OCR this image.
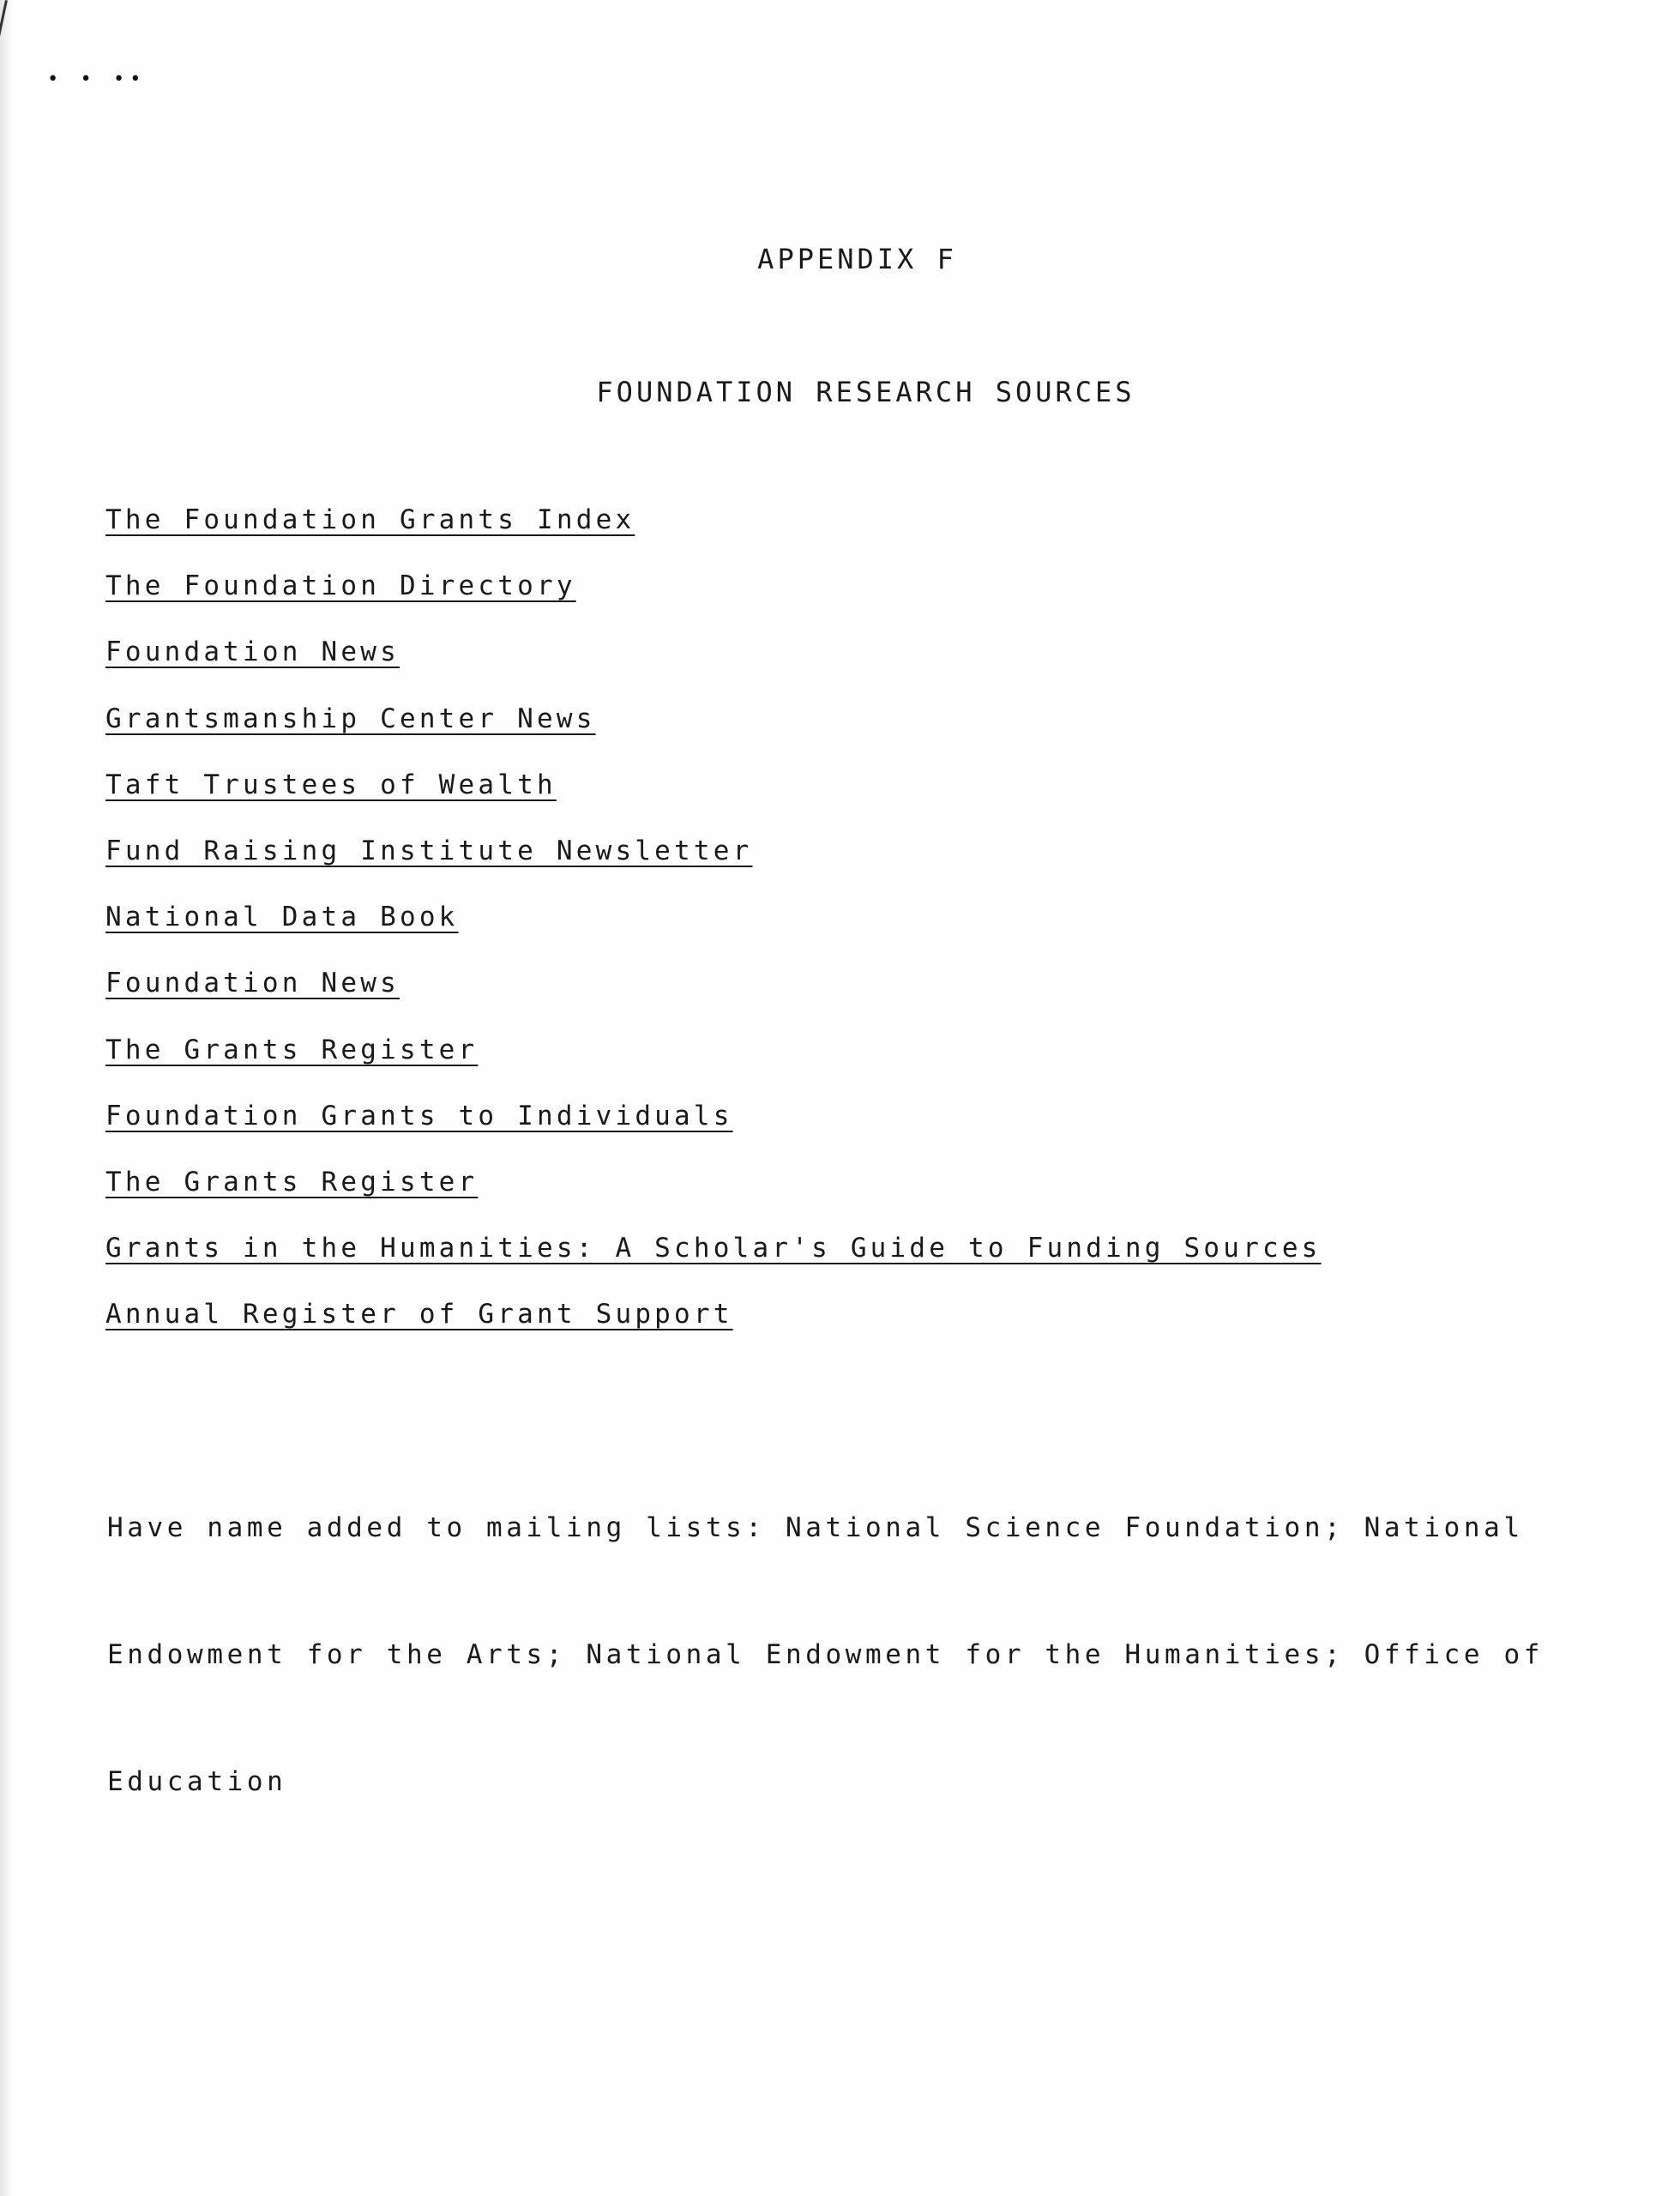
• • ••
APPENDIX F
FOUNDATION RESEARCH SOURCES
The Foundation Grants Index
The Foundation Directory
Foundation News
Grantsmanship Center News
Taft Trustees of Wealth
Fund Raising Institute Newsletter
National Data Book
Foundation News
The Grants Register
Foundation Grants to Individuals
The Grants Register
Grants in the Humanities: A Scholar's Guide to Funding Sources
Annual Register of Grant Support

Have name added to mailing lists: National Science Foundation; National

Endowment for the Arts; National Endowment for the Humanities; Office of

Education
